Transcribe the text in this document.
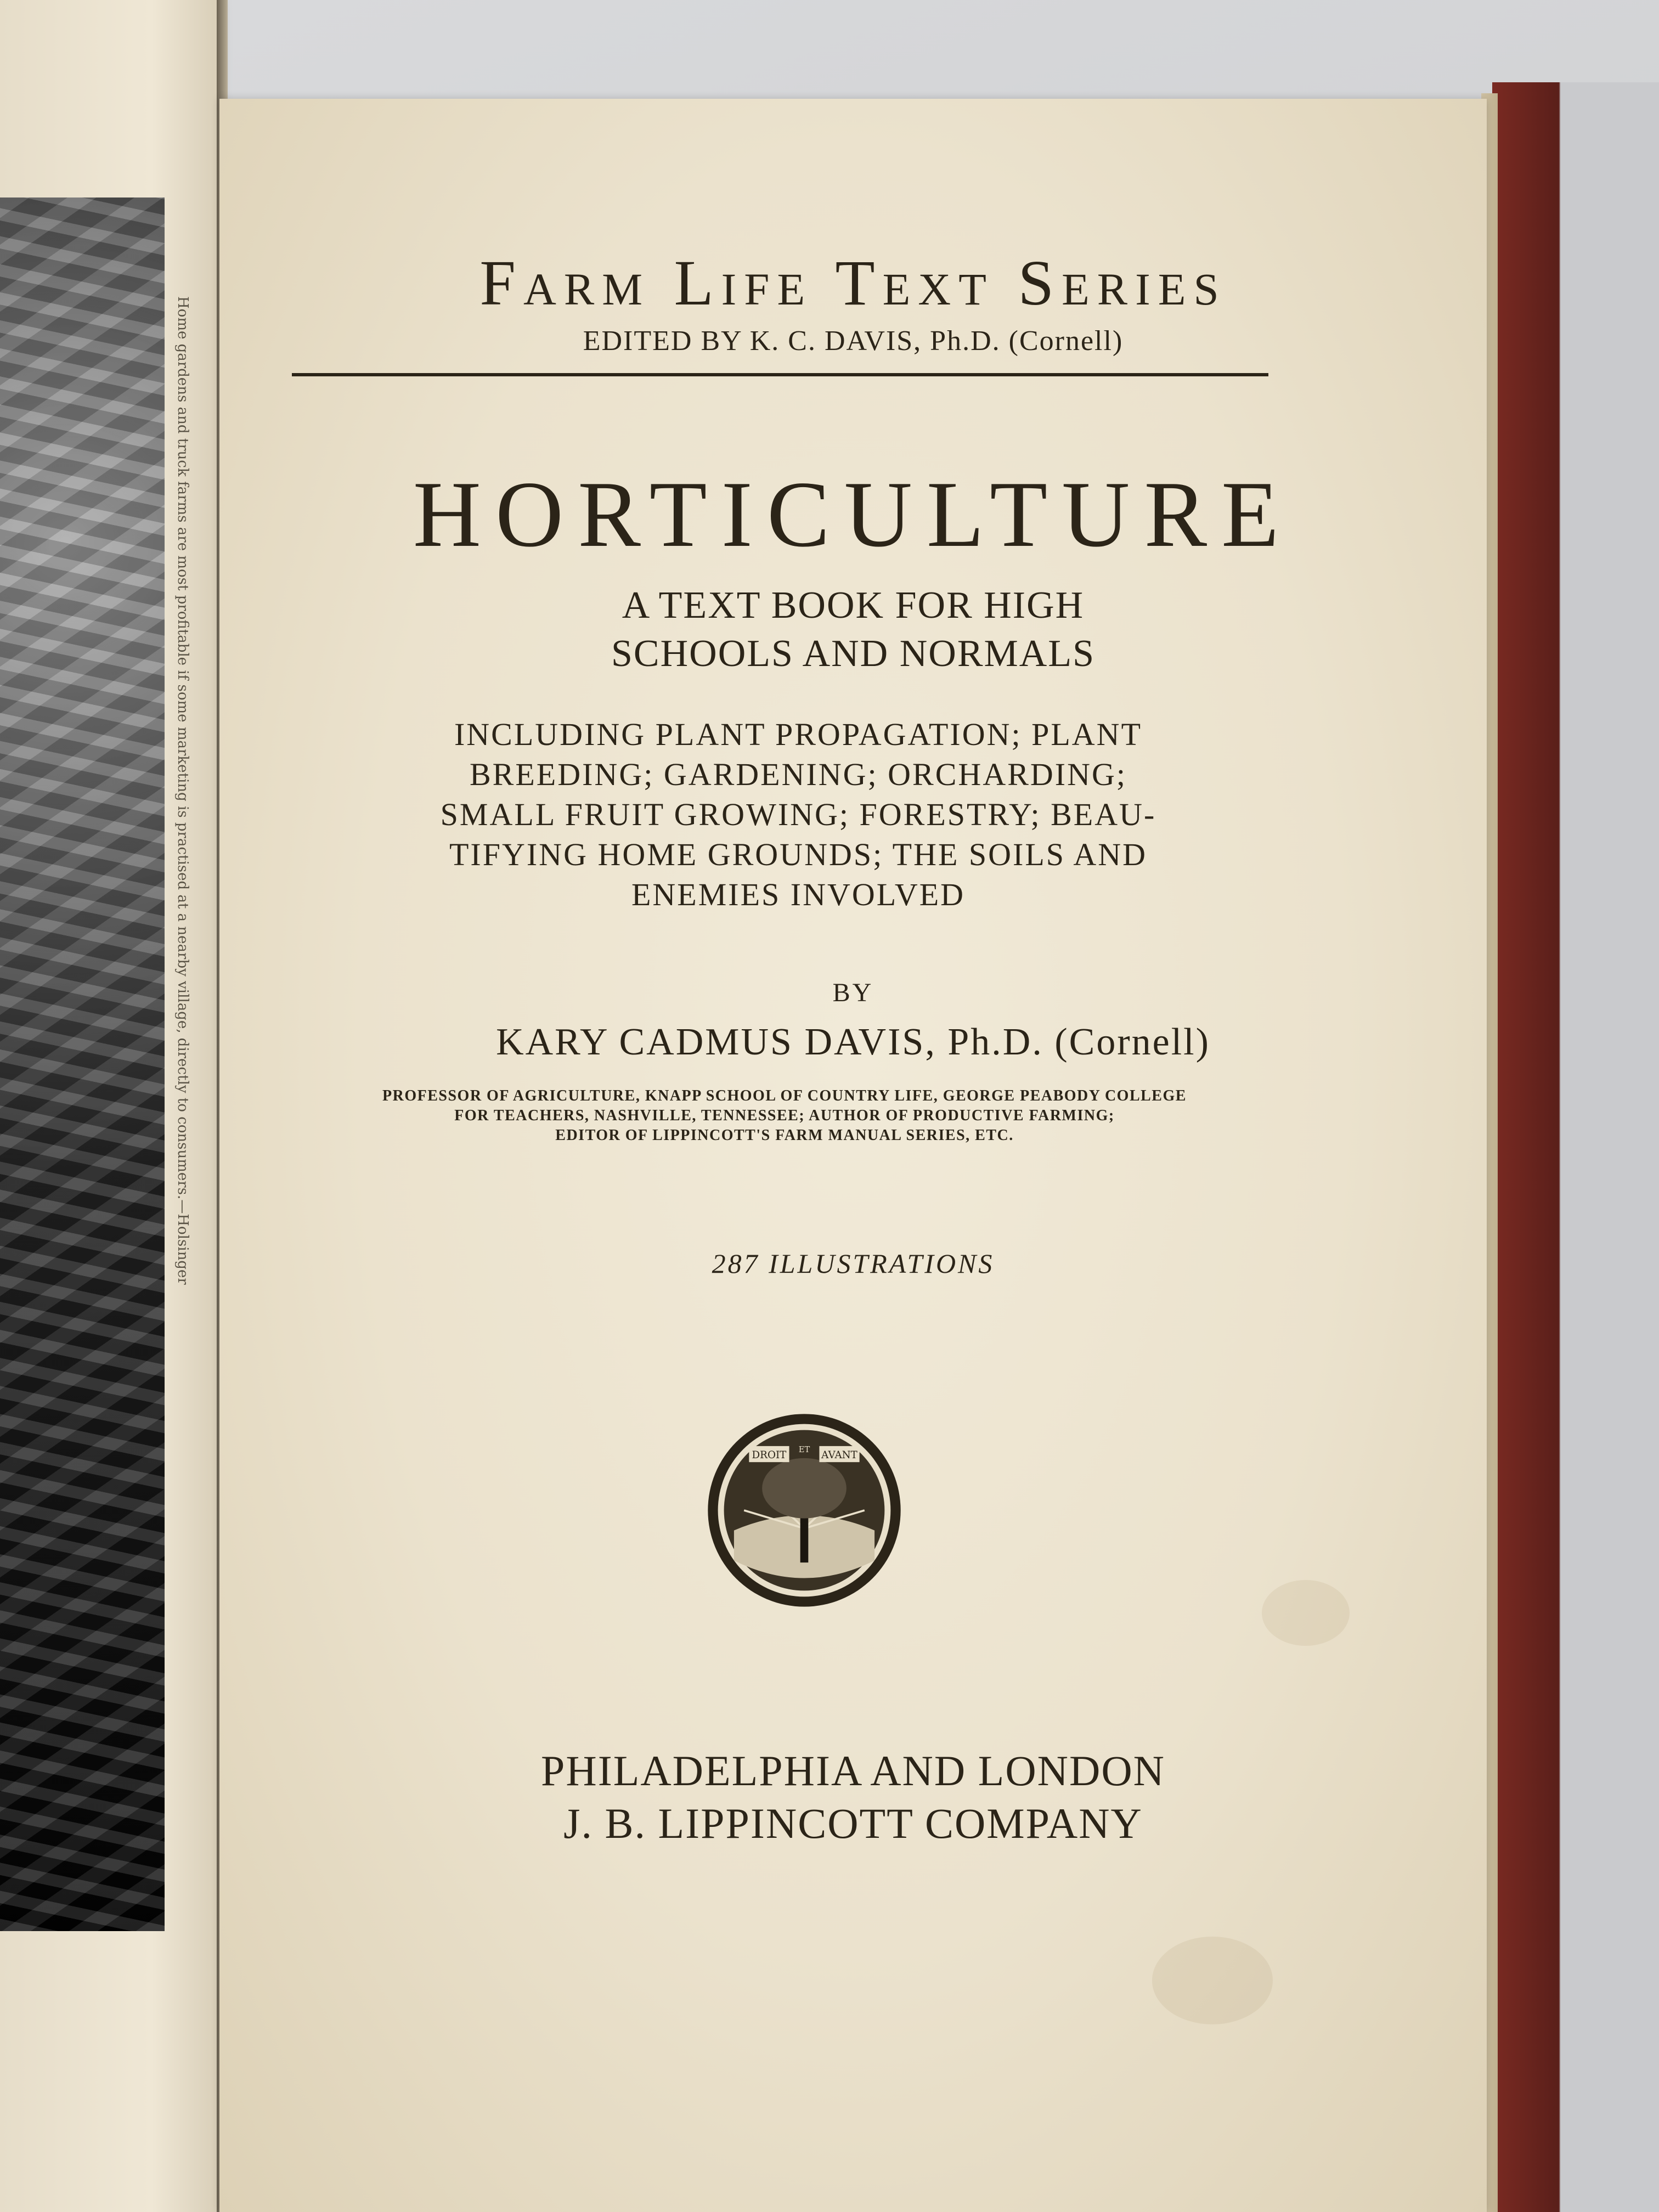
Home gardens and truck farms are most profitable if some marketing is practised at a nearby village, directly to consumers.—Holsinger

Farm Life Text Series

EDITED BY K. C. DAVIS, Ph.D. (Cornell)

HORTICULTURE

A TEXT BOOK FOR HIGH
SCHOOLS AND NORMALS
INCLUDING PLANT PROPAGATION; PLANT
BREEDING; GARDENING; ORCHARDING;
SMALL FRUIT GROWING; FORESTRY; BEAU-
TIFYING HOME GROUNDS; THE SOILS AND
ENEMIES INVOLVED

BY

KARY CADMUS DAVIS, Ph.D. (Cornell)

PROFESSOR OF AGRICULTURE, KNAPP SCHOOL OF COUNTRY LIFE, GEORGE PEABODY COLLEGE
FOR TEACHERS, NASHVILLE, TENNESSEE; AUTHOR OF PRODUCTIVE FARMING;
EDITOR OF LIPPINCOTT'S FARM MANUAL SERIES, ETC.

287 ILLUSTRATIONS

DROIT	ET AVANT
PHILADELPHIA AND LONDON
J. B. LIPPINCOTT COMPANY
